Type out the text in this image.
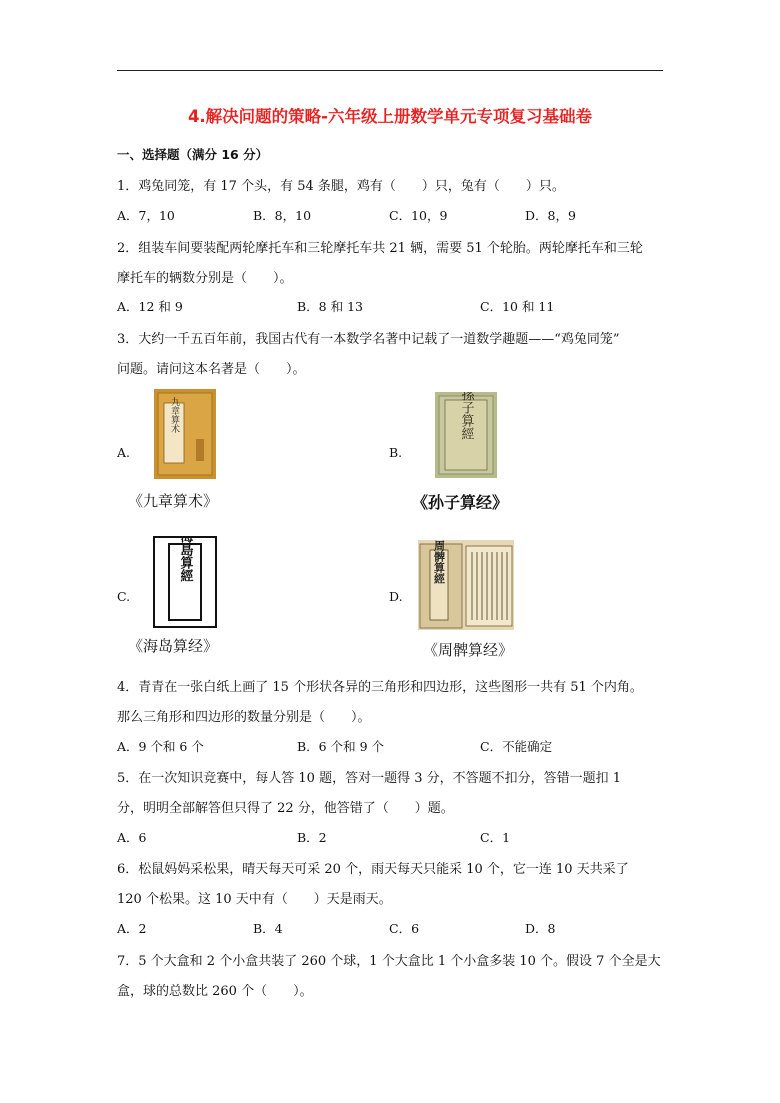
4.解决问题的策略-六年级上册数学单元专项复习基础卷
一、选择题（满分 16 分）
1．鸡兔同笼，有 17 个头，有 54 条腿，鸡有（　　）只，兔有（　　）只。
A．7，10	B．8，10	C．10，9	D．8，9
2．组装车间要装配两轮摩托车和三轮摩托车共 21 辆，需要 51 个轮胎。两轮摩托车和三轮
摩托车的辆数分别是（　　）。
A．12 和 9	B．8 和 13	C．10 和 11
3．大约一千五百年前，我国古代有一本数学名著中记载了一道数学趣题——“鸡兔同笼”
问题。请问这本名著是（　　）。
A.
九章算术
B.
孫子算經
《九章算术》	《孙子算经》
C.
海島算經
D.
周髀算經
《海岛算经》	《周髀算经》
4．青青在一张白纸上画了 15 个形状各异的三角形和四边形，这些图形一共有 51 个内角。
那么三角形和四边形的数量分别是（　　）。
A．9 个和 6 个	B．6 个和 9 个	C．不能确定
5．在一次知识竞赛中，每人答 10 题，答对一题得 3 分，不答题不扣分，答错一题扣 1
分，明明全部解答但只得了 22 分，他答错了（　　）题。
A．6	B．2	C．1
6．松鼠妈妈采松果，晴天每天可采 20 个，雨天每天只能采 10 个，它一连 10 天共采了
120 个松果。这 10 天中有（　　）天是雨天。
A．2	B．4	C．6	D．8
7．5 个大盒和 2 个小盒共装了 260 个球，1 个大盒比 1 个小盒多装 10 个。假设 7 个全是大
盒，球的总数比 260 个（　　）。
